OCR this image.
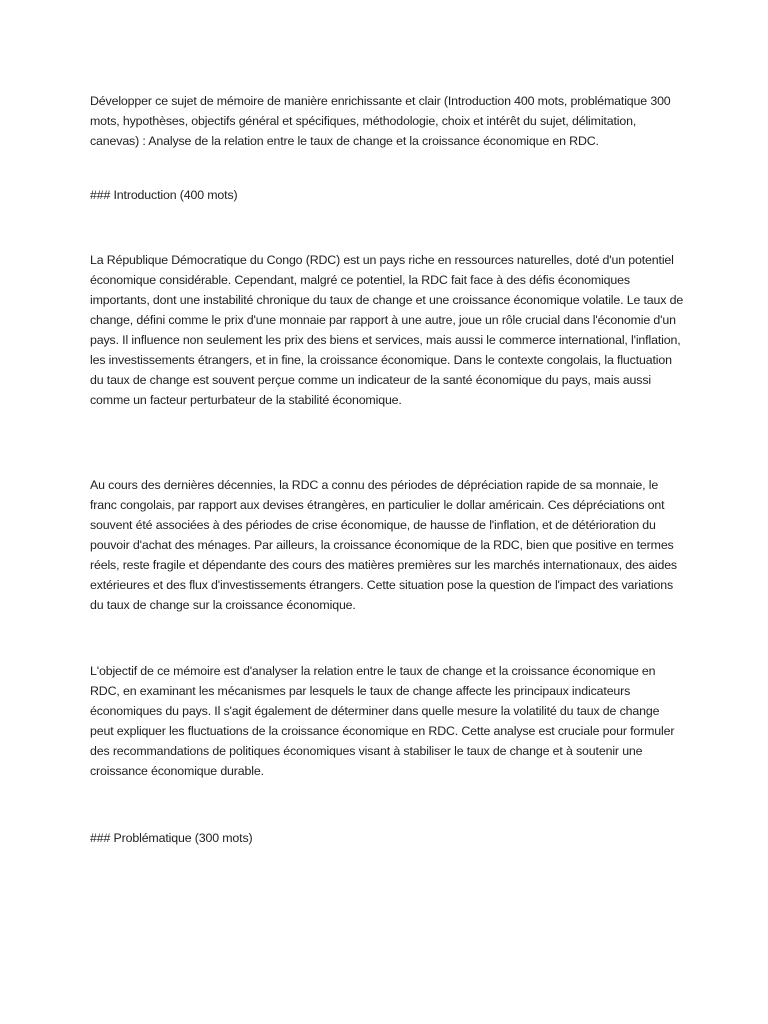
Développer ce sujet de mémoire de manière enrichissante et clair (Introduction 400 mots, problématique 300 mots, hypothèses, objectifs général et spécifiques, méthodologie, choix et intérêt du sujet, délimitation, canevas) : Analyse de la relation entre le taux de change et la croissance économique en RDC.

### Introduction (400 mots)

La République Démocratique du Congo (RDC) est un pays riche en ressources naturelles, doté d'un potentiel économique considérable. Cependant, malgré ce potentiel, la RDC fait face à des défis économiques importants, dont une instabilité chronique du taux de change et une croissance économique volatile. Le taux de change, défini comme le prix d'une monnaie par rapport à une autre, joue un rôle crucial dans l'économie d'un pays. Il influence non seulement les prix des biens et services, mais aussi le commerce international, l'inflation, les investissements étrangers, et in fine, la croissance économique. Dans le contexte congolais, la fluctuation du taux de change est souvent perçue comme un indicateur de la santé économique du pays, mais aussi comme un facteur perturbateur de la stabilité économique.

Au cours des dernières décennies, la RDC a connu des périodes de dépréciation rapide de sa monnaie, le franc congolais, par rapport aux devises étrangères, en particulier le dollar américain. Ces dépréciations ont souvent été associées à des périodes de crise économique, de hausse de l'inflation, et de détérioration du pouvoir d'achat des ménages. Par ailleurs, la croissance économique de la RDC, bien que positive en termes réels, reste fragile et dépendante des cours des matières premières sur les marchés internationaux, des aides extérieures et des flux d'investissements étrangers. Cette situation pose la question de l'impact des variations du taux de change sur la croissance économique.

L'objectif de ce mémoire est d'analyser la relation entre le taux de change et la croissance économique en RDC, en examinant les mécanismes par lesquels le taux de change affecte les principaux indicateurs économiques du pays. Il s'agit également de déterminer dans quelle mesure la volatilité du taux de change peut expliquer les fluctuations de la croissance économique en RDC. Cette analyse est cruciale pour formuler des recommandations de politiques économiques visant à stabiliser le taux de change et à soutenir une croissance économique durable.

### Problématique (300 mots)
